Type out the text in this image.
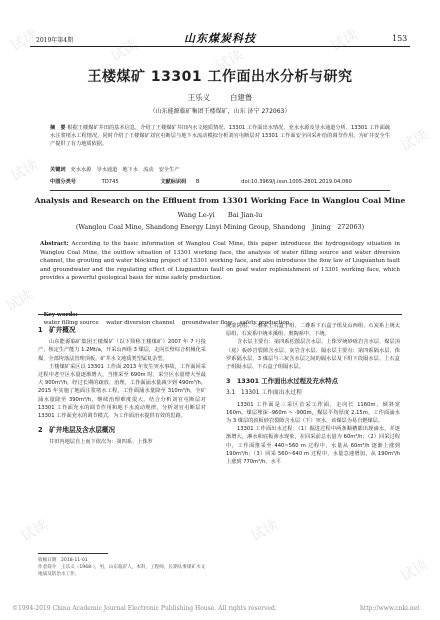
试读	试读	试读
试读
试读
试读
试读
试读
试读
试读
试读	试读
试读
2019年第4期	山东煤炭科技	153
王楼煤矿 13301 工作面出水分析与研究
王乐义 　　 白建鲁
（山东能源临矿集团王楼煤矿，山东 济宁 272063）
摘　要 根据王楼煤矿井田的基本信息，介绍了王楼煤矿井田内水文地质情况、13301 工作面出水情况、充水水源及导水通道分析、13301 工作面疏水注浆堵水工程情况，同时介绍了王楼煤矿刘官屯断层与地下水流动模拟分析刘官屯断层对 13301 工作面安全回采补给的调节作用，为矿井安全生产提供了有力地质依据。
关键词 充水水源　导水通道　地下水　流动　安全生产
中图分类号	TD745	文献标识码 B	doi:10.3969/j.issn.1005-2801.2019.04.060
Analysis and Research on the Effluent from 13301 Working Face in Wanglou Coal Mine
Wang Le-yi　　Bai Jian-lu
(Wanglou Coal Mine, Shandong Energy Linyi Mining Group, Shandong　Jining　272063)
Abstract: According to the basic information of Wanglou Coal Mine, this paper introduces the hydrogeology situation in Wanglou Coal Mine, the outflow situation of 13301 working face, the analysis of water filling source and water diversion channel, the grouting and water blocking project of 13301 working face, and also introduces the flow law of Liuguantun fault and groundwater and the regulating effect of Liuguantun fault on goaf water replenishment of 13301 working face, which provides a powerful geological basis for mine safety production.

Key words:
water filling source　 water diversion channel　 groundwater flow　 safety production

1　矿井概况
山东能源临矿集团王楼煤矿（以下简称王楼煤矿）2007 年 7 月投产，核定生产能力 1.2Mt/a，开采山西组 3 煤层，走向长壁综合机械化采煤，全部垮落法管理顶板。矿井水文地质类型属复杂型。
王楼煤矿采区以 13301 工作面 2013 年发生突水事故，工作面回采过程中老空区水量逐渐增大，当推采至 690m 时，采空区水量增大至最大 900m³/h，经过长期的疏放、治理，工作面涌水量减少到 490m³/h。2015 年实施了地面注浆堵水工程，工作面涌水量降至 310m³/h，全矿涌水量降至 390m³/h，继续治理难度很大。结合分析刘官屯断层对 13301 工作面充水的调节作用和地下水流动规律，分析刘官屯断层对 13301 工作面充水的调节模式，为工作面治水提供有效的思路。
2　矿井地层及含水层概况
井田内地层自上而下依次为：第四系、上侏罗
收稿日期　2018-11-01
作者简介　王乐义（1968-），男，山东临沂人，本科，工程师，长期从事煤矿水文地质及防治水工作。
统蒙阴组、二叠系上石盒子组、二叠系下石盒子组及山西组、石炭系上统太原组、石炭系中统本溪组、奥陶系中、下统。
含水层主要有：第四系松散层含水层、上侏罗统砂砾岩含水层、煤层顶（底）板砂岩裂隙含水层、灰岩含水层、隔水层主要有：第四系隔水层、侏罗系隔水层、3 煤层与三灰含水层之间的隔水层及下组下段隔水层、上石盒子组隔水层、下石盒子组隔水层。
3　13301 工作面出水过程及充水特点
3.1　13301 工作面出水过程
13301 工作面是三采区首采工作面，走向长 1160m，倾斜宽 160m。煤层埋深 -960m ~ -900m，煤层平均厚度 2.15m。工作面涌水为 3 煤层的顶板砂岩裂隙含水层（下）突水，该煤层为易自燃煤层。
13301 工作面出水过程：（1）掘进过程中两条顺槽都出现滴水，并逐渐增大，淋水和底板渗水现象，在回采前总水量为 60m³/h；（2）回采过程中，工作面推采至 440~560 m 过程中，水量从 60m³/h 逐渐上涨到 190m³/h；（3）回采 560~640 m 过程中，水量急速增加，从 190m³/h 上涨到 770m³/h，水平
©1994-2019 China Academic Journal Electronic Publishing House. All rights reserved.	http://www.cnki.net
